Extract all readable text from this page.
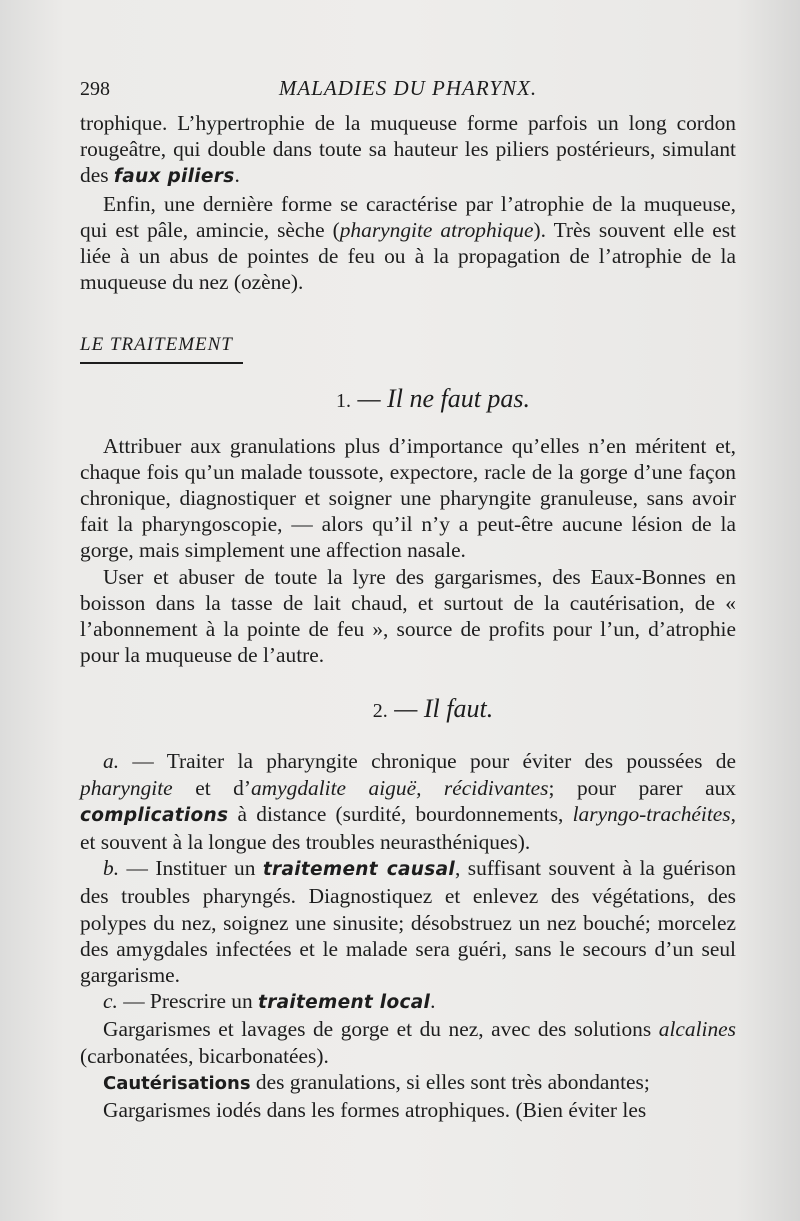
298	MALADIES DU PHARYNX.

trophique. L’hypertrophie de la muqueuse forme parfois un long cordon rougeâtre, qui double dans toute sa hauteur les piliers postérieurs, simulant des faux piliers.

Enfin, une dernière forme se caractérise par l’atrophie de la muqueuse, qui est pâle, amincie, sèche (pharyngite atrophique). Très souvent elle est liée à un abus de pointes de feu ou à la propagation de l’atrophie de la muqueuse du nez (ozène).

LE TRAITEMENT
1. — Il ne faut pas.

Attribuer aux granulations plus d’importance qu’elles n’en méritent et, chaque fois qu’un malade toussote, expectore, racle de la gorge d’une façon chronique, diagnostiquer et soigner une pharyngite granuleuse, sans avoir fait la pharyngoscopie, — alors qu’il n’y a peut-être aucune lésion de la gorge, mais simplement une affection nasale.

User et abuser de toute la lyre des gargarismes, des Eaux-Bonnes en boisson dans la tasse de lait chaud, et surtout de la cautérisation, de « l’abonnement à la pointe de feu », source de profits pour l’un, d’atrophie pour la muqueuse de l’autre.

2. — Il faut.

a. — Traiter la pharyngite chronique pour éviter des poussées de pharyngite et d’amygdalite aiguë, récidivantes; pour parer aux complications à distance (surdité, bourdonnements, laryngo-trachéites, et souvent à la longue des troubles neurasthéniques).

b. — Instituer un traitement causal, suffisant souvent à la guérison des troubles pharyngés. Diagnostiquez et enlevez des végétations, des polypes du nez, soignez une sinusite; désobstruez un nez bouché; morcelez des amygdales infectées et le malade sera guéri, sans le secours d’un seul gargarisme.

c. — Prescrire un traitement local.

Gargarismes et lavages de gorge et du nez, avec des solutions alcalines (carbonatées, bicarbonatées).

Cautérisations des granulations, si elles sont très abondantes;

Gargarismes iodés dans les formes atrophiques. (Bien éviter les
